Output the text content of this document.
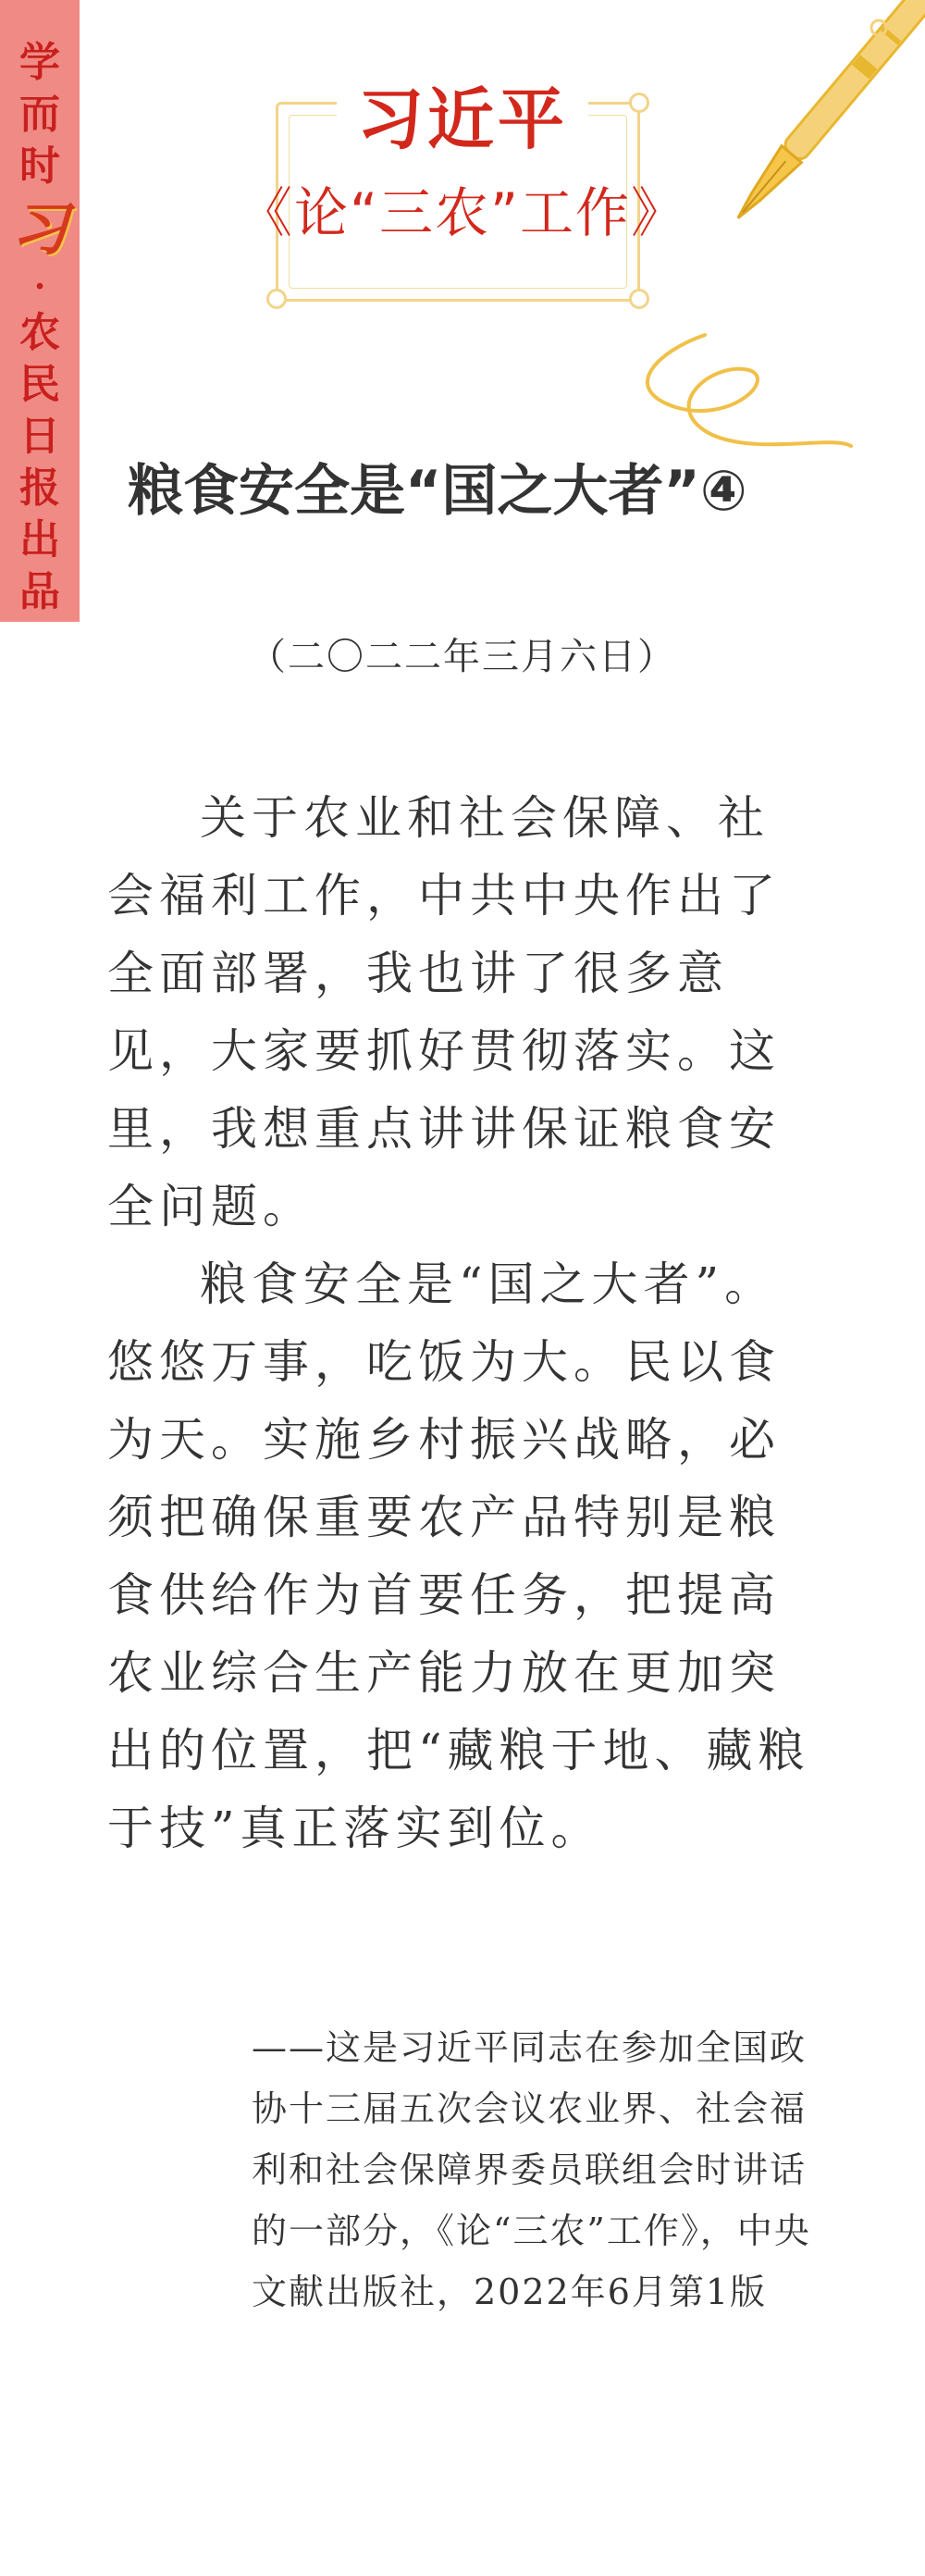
学
而
时
习
·
农
民
日
报
出
品
习近平
《论“三农”工作》
粮食安全是“国之大者”④
（二〇二二年三月六日）

关于农业和社会保障、社会福利工作，中共中央作出了全面部署，我也讲了很多意见，大家要抓好贯彻落实。这里，我想重点讲讲保证粮食安全问题。

粮食安全是“国之大者”。悠悠万事，吃饭为大。民以食为天。实施乡村振兴战略，必须把确保重要农产品特别是粮食供给作为首要任务，把提高农业综合生产能力放在更加突出的位置，把“藏粮于地、藏粮于技”真正落实到位。

——这是习近平同志在参加全国政协十三届五次会议农业界、社会福利和社会保障界委员联组会时讲话的一部分，《论“三农”工作》，中央文献出版社，2022年6月第1版
